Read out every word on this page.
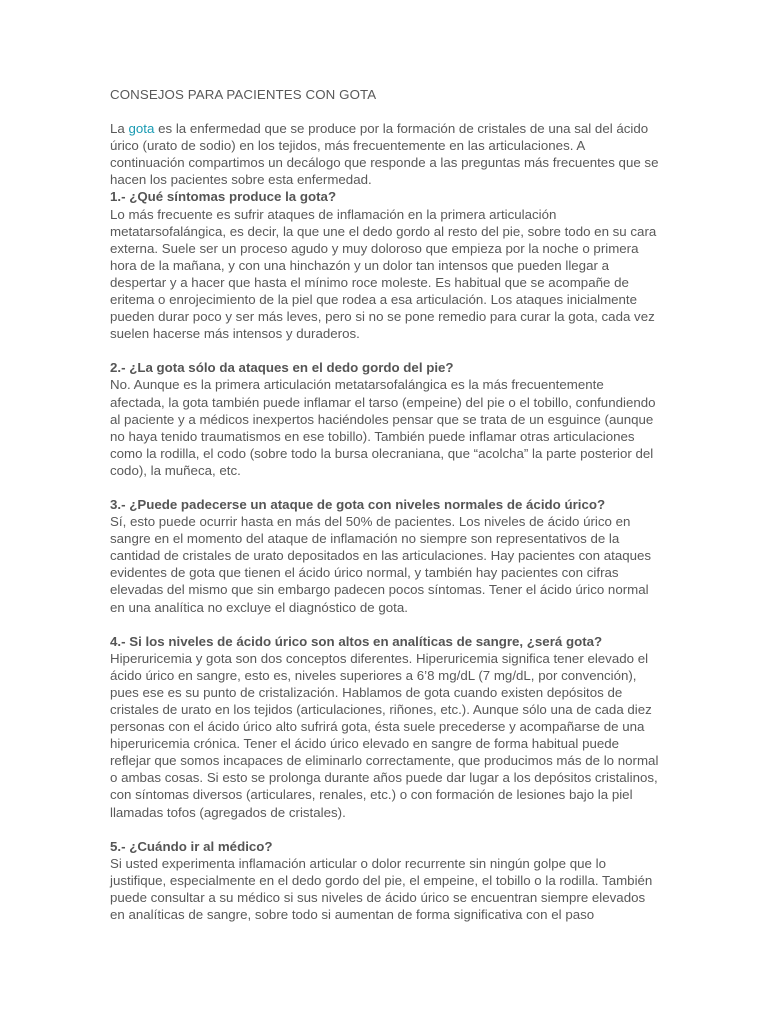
CONSEJOS PARA PACIENTES CON GOTA

La gota es la enfermedad que se produce por la formación de cristales de una sal del ácido úrico (urato de sodio) en los tejidos, más frecuentemente en las articulaciones. A continuación compartimos un decálogo que responde a las preguntas más frecuentes que se hacen los pacientes sobre esta enfermedad.

1.- ¿Qué síntomas produce la gota?

Lo más frecuente es sufrir ataques de inflamación en la primera articulación metatarsofalángica, es decir, la que une el dedo gordo al resto del pie, sobre todo en su cara externa. Suele ser un proceso agudo y muy doloroso que empieza por la noche o primera hora de la mañana, y con una hinchazón y un dolor tan intensos que pueden llegar a despertar y a hacer que hasta el mínimo roce moleste. Es habitual que se acompañe de eritema o enrojecimiento de la piel que rodea a esa articulación. Los ataques inicialmente pueden durar poco y ser más leves, pero si no se pone remedio para curar la gota, cada vez suelen hacerse más intensos y duraderos.

2.- ¿La gota sólo da ataques en el dedo gordo del pie?

No. Aunque es la primera articulación metatarsofalángica es la más frecuentemente afectada, la gota también puede inflamar el tarso (empeine) del pie o el tobillo, confundiendo al paciente y a médicos inexpertos haciéndoles pensar que se trata de un esguince (aunque no haya tenido traumatismos en ese tobillo). También puede inflamar otras articulaciones como la rodilla, el codo (sobre todo la bursa olecraniana, que “acolcha” la parte posterior del codo), la muñeca, etc.

3.- ¿Puede padecerse un ataque de gota con niveles normales de ácido úrico?

Sí, esto puede ocurrir hasta en más del 50% de pacientes. Los niveles de ácido úrico en sangre en el momento del ataque de inflamación no siempre son representativos de la cantidad de cristales de urato depositados en las articulaciones. Hay pacientes con ataques evidentes de gota que tienen el ácido úrico normal, y también hay pacientes con cifras elevadas del mismo que sin embargo padecen pocos síntomas. Tener el ácido úrico normal en una analítica no excluye el diagnóstico de gota.

4.- Si los niveles de ácido úrico son altos en analíticas de sangre, ¿será gota?

Hiperuricemia y gota son dos conceptos diferentes. Hiperuricemia significa tener elevado el ácido úrico en sangre, esto es, niveles superiores a 6’8 mg/dL (7 mg/dL, por convención), pues ese es su punto de cristalización. Hablamos de gota cuando existen depósitos de cristales de urato en los tejidos (articulaciones, riñones, etc.). Aunque sólo una de cada diez personas con el ácido úrico alto sufrirá gota, ésta suele precederse y acompañarse de una hiperuricemia crónica. Tener el ácido úrico elevado en sangre de forma habitual puede reflejar que somos incapaces de eliminarlo correctamente, que producimos más de lo normal o ambas cosas. Si esto se prolonga durante años puede dar lugar a los depósitos cristalinos, con síntomas diversos (articulares, renales, etc.) o con formación de lesiones bajo la piel llamadas tofos (agregados de cristales).

5.- ¿Cuándo ir al médico?

Si usted experimenta inflamación articular o dolor recurrente sin ningún golpe que lo justifique, especialmente en el dedo gordo del pie, el empeine, el tobillo o la rodilla. También puede consultar a su médico si sus niveles de ácido úrico se encuentran siempre elevados en analíticas de sangre, sobre todo si aumentan de forma significativa con el paso
